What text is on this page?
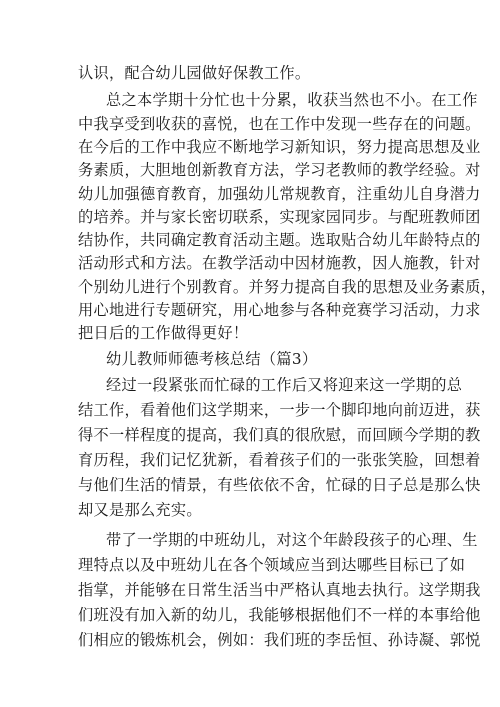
认识，配合幼儿园做好保教工作。
总之本学期十分忙也十分累，收获当然也不小。在工作
中我享受到收获的喜悦，也在工作中发现一些存在的问题。
在今后的工作中我应不断地学习新知识，努力提高思想及业
务素质，大胆地创新教育方法，学习老教师的教学经验。对
幼儿加强德育教育，加强幼儿常规教育，注重幼儿自身潜力
的培养。并与家长密切联系，实现家园同步。与配班教师团
结协作，共同确定教育活动主题。选取贴合幼儿年龄特点的
活动形式和方法。在教学活动中因材施教，因人施教，针对
个别幼儿进行个别教育。并努力提高自我的思想及业务素质，
用心地进行专题研究，用心地参与各种竞赛学习活动，力求
把日后的工作做得更好！
幼儿教师师德考核总结（篇3）
经过一段紧张而忙碌的工作后又将迎来这一学期的总
结工作，看着他们这学期来，一步一个脚印地向前迈进，获
得不一样程度的提高，我们真的很欣慰，而回顾今学期的教
育历程，我们记忆犹新，看着孩子们的一张张笑脸，回想着
与他们生活的情景，有些依依不舍，忙碌的日子总是那么快
却又是那么充实。
带了一学期的中班幼儿，对这个年龄段孩子的心理、生
理特点以及中班幼儿在各个领域应当到达哪些目标已了如
指掌，并能够在日常生活当中严格认真地去执行。这学期我
们班没有加入新的幼儿，我能够根据他们不一样的本事给他
们相应的锻炼机会，例如：我们班的李岳恒、孙诗凝、郭悦
